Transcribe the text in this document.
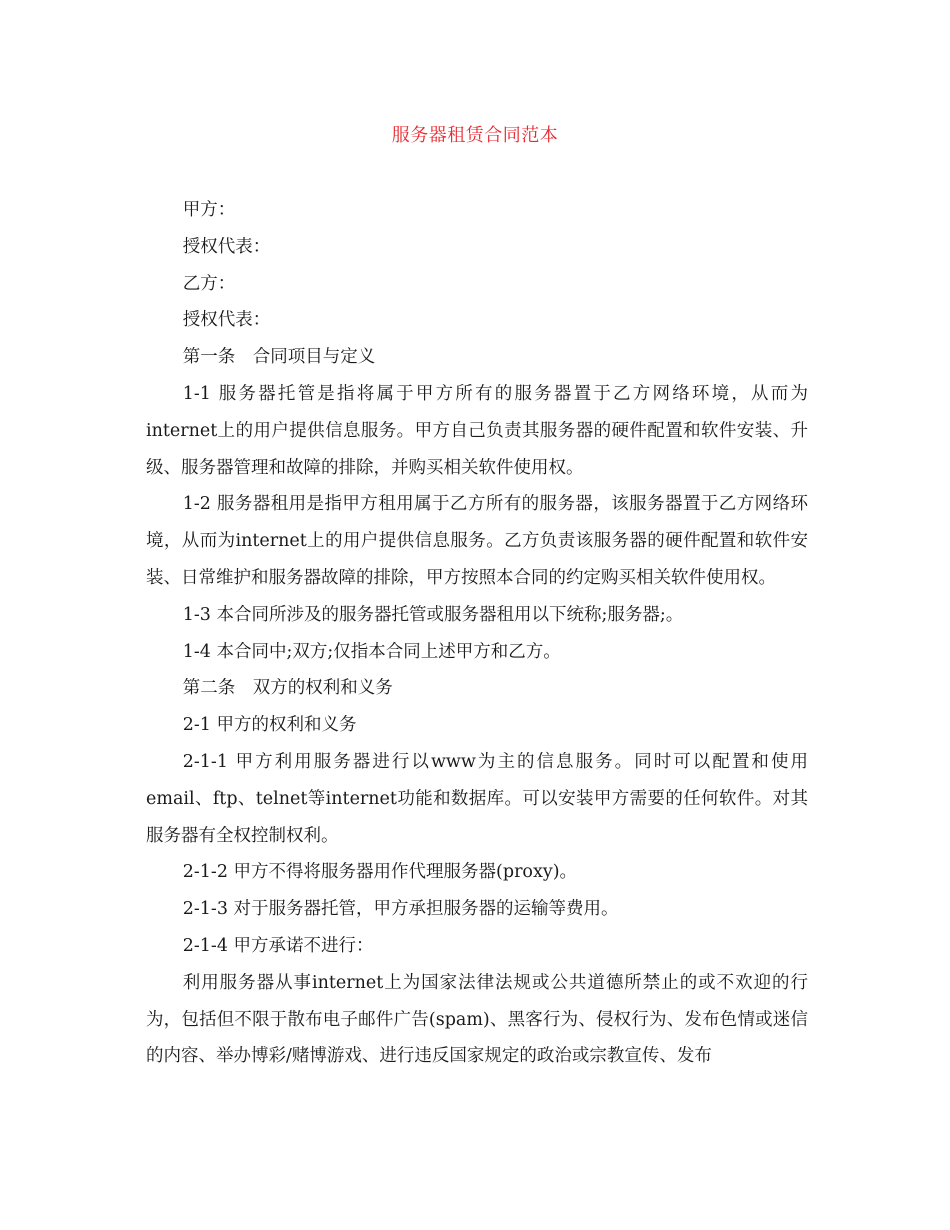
服务器租赁合同范本

甲方：

授权代表：

乙方：

授权代表：

第一条　合同项目与定义

1-1 服务器托管是指将属于甲方所有的服务器置于乙方网络环境，从而为internet上的用户提供信息服务。甲方自己负责其服务器的硬件配置和软件安装、升级、服务器管理和故障的排除，并购买相关软件使用权。

1-2 服务器租用是指甲方租用属于乙方所有的服务器，该服务器置于乙方网络环境，从而为internet上的用户提供信息服务。乙方负责该服务器的硬件配置和软件安装、日常维护和服务器故障的排除，甲方按照本合同的约定购买相关软件使用权。

1-3 本合同所涉及的服务器托管或服务器租用以下统称;服务器;。

1-4 本合同中;双方;仅指本合同上述甲方和乙方。

第二条　双方的权利和义务

2-1 甲方的权利和义务

2-1-1 甲方利用服务器进行以www为主的信息服务。同时可以配置和使用email、ftp、telnet等internet功能和数据库。可以安装甲方需要的任何软件。对其服务器有全权控制权利。

2-1-2 甲方不得将服务器用作代理服务器(proxy)。

2-1-3 对于服务器托管，甲方承担服务器的运输等费用。

2-1-4 甲方承诺不进行：

利用服务器从事internet上为国家法律法规或公共道德所禁止的或不欢迎的行为，包括但不限于散布电子邮件广告(spam)、黑客行为、侵权行为、发布色情或迷信的内容、举办博彩/赌博游戏、进行违反国家规定的政治或宗教宣传、发布
